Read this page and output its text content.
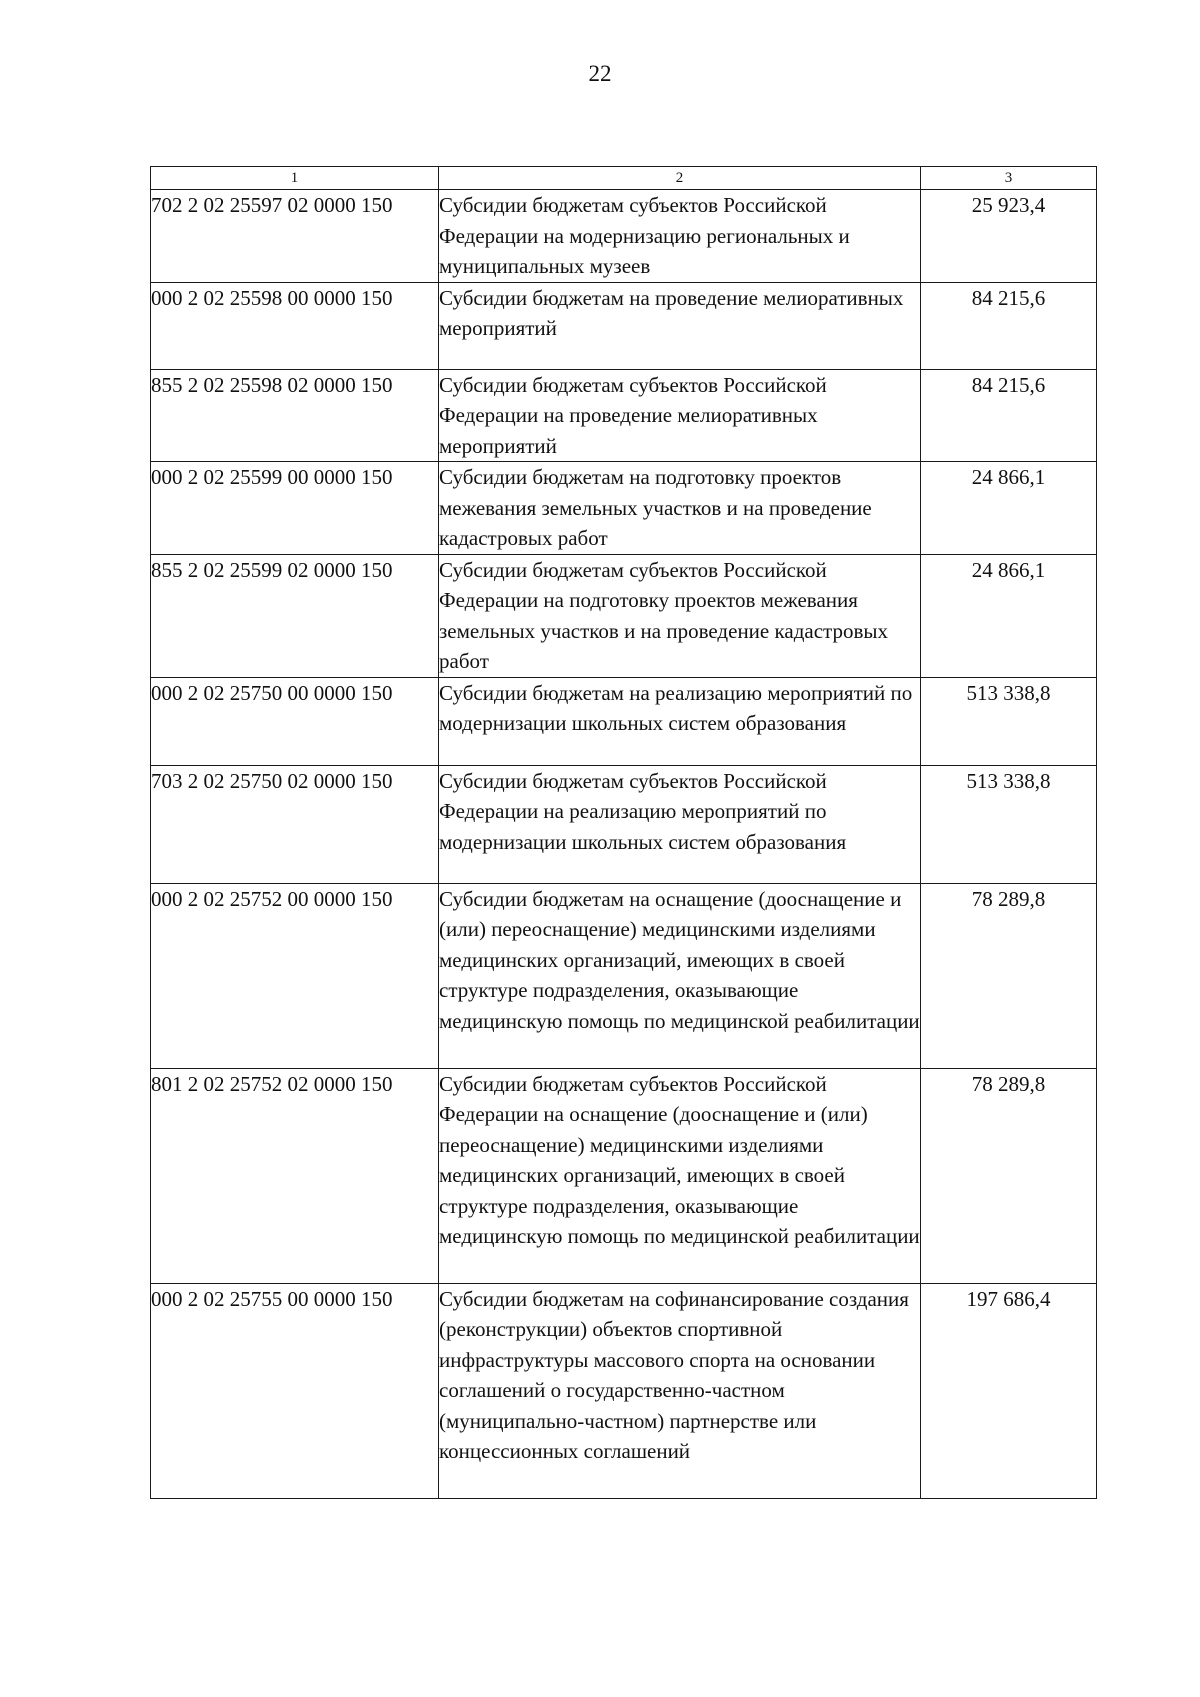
22
1	2	3
702 2 02 25597 02 0000 150	Субсидии бюджетам субъектов Российской Федерации на модернизацию региональных и муниципальных музеев	25 923,4
000 2 02 25598 00 0000 150	Субсидии бюджетам на проведение мелиоративных мероприятий	84 215,6
855 2 02 25598 02 0000 150	Субсидии бюджетам субъектов Российской Федерации на проведение мелиоративных мероприятий	84 215,6
000 2 02 25599 00 0000 150	Субсидии бюджетам на подготовку проектов межевания земельных участков и на проведение кадастровых работ	24 866,1
855 2 02 25599 02 0000 150	Субсидии бюджетам субъектов Российской Федерации на подготовку проектов межевания земельных участков и на проведение кадастровых работ	24 866,1
000 2 02 25750 00 0000 150	Субсидии бюджетам на реализацию мероприятий по модернизации школьных систем образования	513 338,8
703 2 02 25750 02 0000 150	Субсидии бюджетам субъектов Российской Федерации на реализацию мероприятий по модернизации школьных систем образования	513 338,8
000 2 02 25752 00 0000 150	Субсидии бюджетам на оснащение (дооснащение и (или) переоснащение) медицинскими изделиями медицинских организаций, имеющих в своей структуре подразделения, оказывающие медицинскую помощь по медицинской реабилитации	78 289,8
801 2 02 25752 02 0000 150	Субсидии бюджетам субъектов Российской Федерации на оснащение (дооснащение и (или) переоснащение) медицинскими изделиями медицинских организаций, имеющих в своей структуре подразделения, оказывающие медицинскую помощь по медицинской реабилитации	78 289,8
000 2 02 25755 00 0000 150	Субсидии бюджетам на софинансирование создания (реконструкции) объектов спортивной инфраструктуры массового спорта на основании соглашений о государственно-частном (муниципально-частном) партнерстве или концессионных соглашений	197 686,4
